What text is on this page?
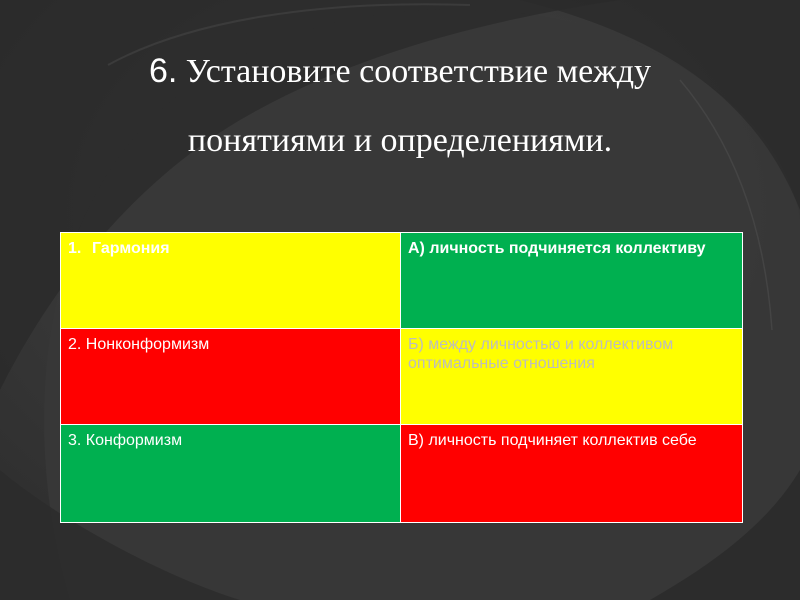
6. Установите соответствие между
понятиями и определениями.
1. Гармония	А) личность подчиняется коллективу
2. Нонконформизм	Б) между личностью и коллективом оптимальные отношения
3. Конформизм	В) личность подчиняет коллектив себе
